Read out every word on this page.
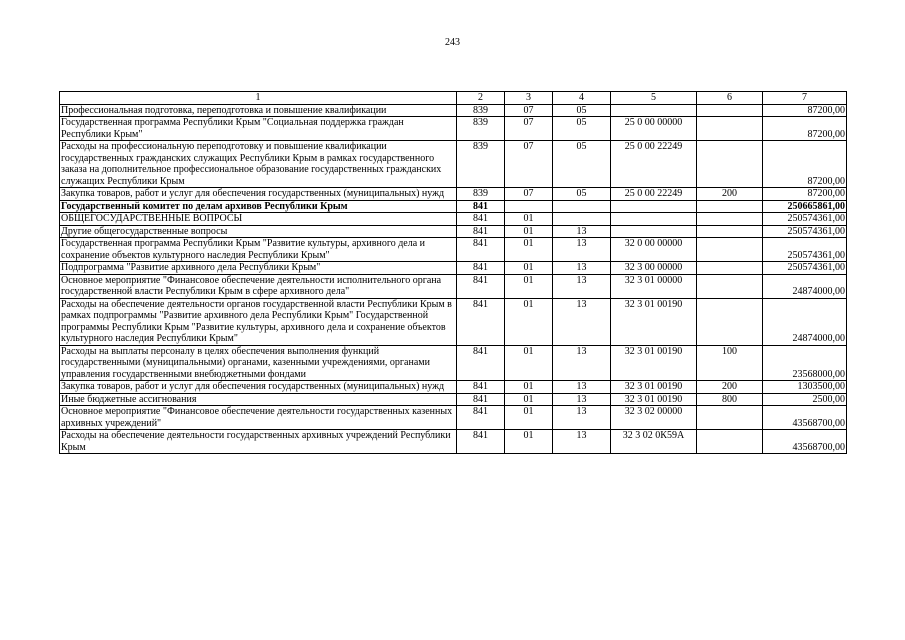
243
1	2	3	4	5	6	7
Профессиональная подготовка, переподготовка и повышение квалификации	839	07	05			87200,00
Государственная программа Республики Крым "Социальная поддержка граждан Республики Крым"	839	07	05	25 0 00 00000		87200,00
Расходы на профессиональную переподготовку и повышение квалификации государственных гражданских служащих Республики Крым в рамках государственного заказа на дополнительное профессиональное образование государственных гражданских служащих Республики Крым	839	07	05	25 0 00 22249		87200,00
Закупка товаров, работ и услуг для обеспечения государственных (муниципальных) нужд	839	07	05	25 0 00 22249	200	87200,00
Государственный комитет по делам архивов Республики Крым	841					250665861,00
ОБЩЕГОСУДАРСТВЕННЫЕ ВОПРОСЫ	841	01				250574361,00
Другие общегосударственные вопросы	841	01	13			250574361,00
Государственная программа Республики Крым "Развитие культуры, архивного дела и сохранение объектов культурного наследия Республики Крым"	841	01	13	32 0 00 00000		250574361,00
Подпрограмма "Развитие архивного дела Республики Крым"	841	01	13	32 3 00 00000		250574361,00
Основное мероприятие "Финансовое обеспечение деятельности исполнительного органа государственной власти Республики Крым в сфере архивного дела"	841	01	13	32 3 01 00000		24874000,00
Расходы на обеспечение деятельности органов государственной власти Республики Крым в рамках подпрограммы "Развитие архивного дела Республики Крым" Государственной программы Республики Крым "Развитие культуры, архивного дела и сохранение объектов культурного наследия Республики Крым"	841	01	13	32 3 01 00190		24874000,00
Расходы на выплаты персоналу в целях обеспечения выполнения функций государственными (муниципальными) органами, казенными учреждениями, органами управления государственными внебюджетными фондами	841	01	13	32 3 01 00190	100	23568000,00
Закупка товаров, работ и услуг для обеспечения государственных (муниципальных) нужд	841	01	13	32 3 01 00190	200	1303500,00
Иные бюджетные ассигнования	841	01	13	32 3 01 00190	800	2500,00
Основное мероприятие "Финансовое обеспечение деятельности государственных казенных архивных учреждений"	841	01	13	32 3 02 00000		43568700,00
Расходы на обеспечение деятельности государственных архивных учреждений Республики Крым	841	01	13	32 3 02 0К59А		43568700,00
